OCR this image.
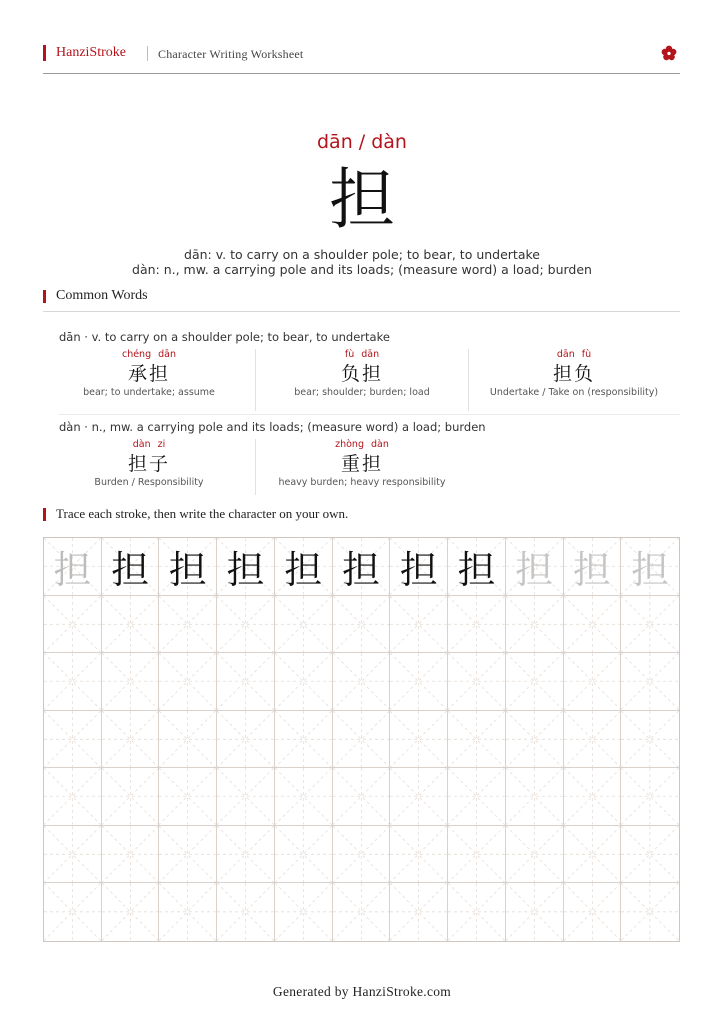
HanziStroke	Character Writing Worksheet
dān / dàn
担
dān: v. to carry on a shoulder pole; to bear, to undertake
dàn: n., mw. a carrying pole and its loads; (measure word) a load; burden
Common Words
dān · v. to carry on a shoulder pole; to bear, to undertake
chéng dān
承担
bear; to undertake; assume
fù dān
负担
bear; shoulder; burden; load
dān fù
担负
Undertake / Take on (responsibility)
dàn · n., mw. a carrying pole and its loads; (measure word) a load; burden
dàn zi
担子
Burden / Responsibility
zhòng dàn
重担
heavy burden; heavy responsibility
Trace each stroke, then write the character on your own.
担 担 担 担 担 担 担 担 担 担 担
Generated by HanziStroke.com
